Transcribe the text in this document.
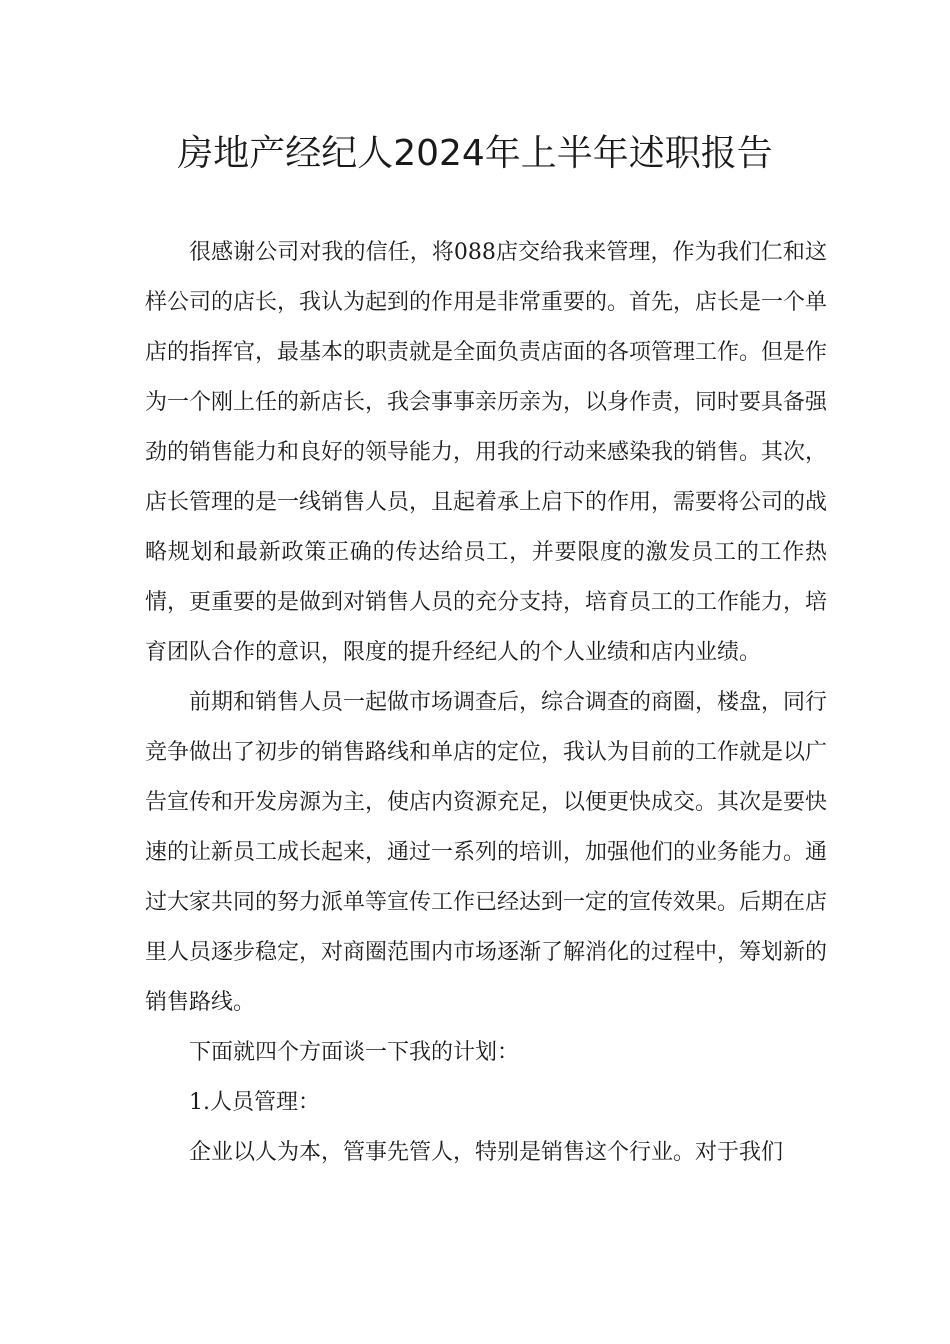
房地产经纪人2024年上半年述职报告

很感谢公司对我的信任，将088店交给我来管理，作为我们仁和这样公司的店长，我认为起到的作用是非常重要的。首先，店长是一个单店的指挥官，最基本的职责就是全面负责店面的各项管理工作。但是作为一个刚上任的新店长，我会事事亲历亲为，以身作责，同时要具备强劲的销售能力和良好的领导能力，用我的行动来感染我的销售。其次，店长管理的是一线销售人员，且起着承上启下的作用，需要将公司的战略规划和最新政策正确的传达给员工，并要限度的激发员工的工作热情，更重要的是做到对销售人员的充分支持，培育员工的工作能力，培育团队合作的意识，限度的提升经纪人的个人业绩和店内业绩。

前期和销售人员一起做市场调查后，综合调查的商圈，楼盘，同行竞争做出了初步的销售路线和单店的定位，我认为目前的工作就是以广告宣传和开发房源为主，使店内资源充足，以便更快成交。其次是要快速的让新员工成长起来，通过一系列的培训，加强他们的业务能力。通过大家共同的努力派单等宣传工作已经达到一定的宣传效果。后期在店里人员逐步稳定，对商圈范围内市场逐渐了解消化的过程中，筹划新的销售路线。

下面就四个方面谈一下我的计划：

1.人员管理：

企业以人为本，管事先管人，特别是销售这个行业。对于我们
